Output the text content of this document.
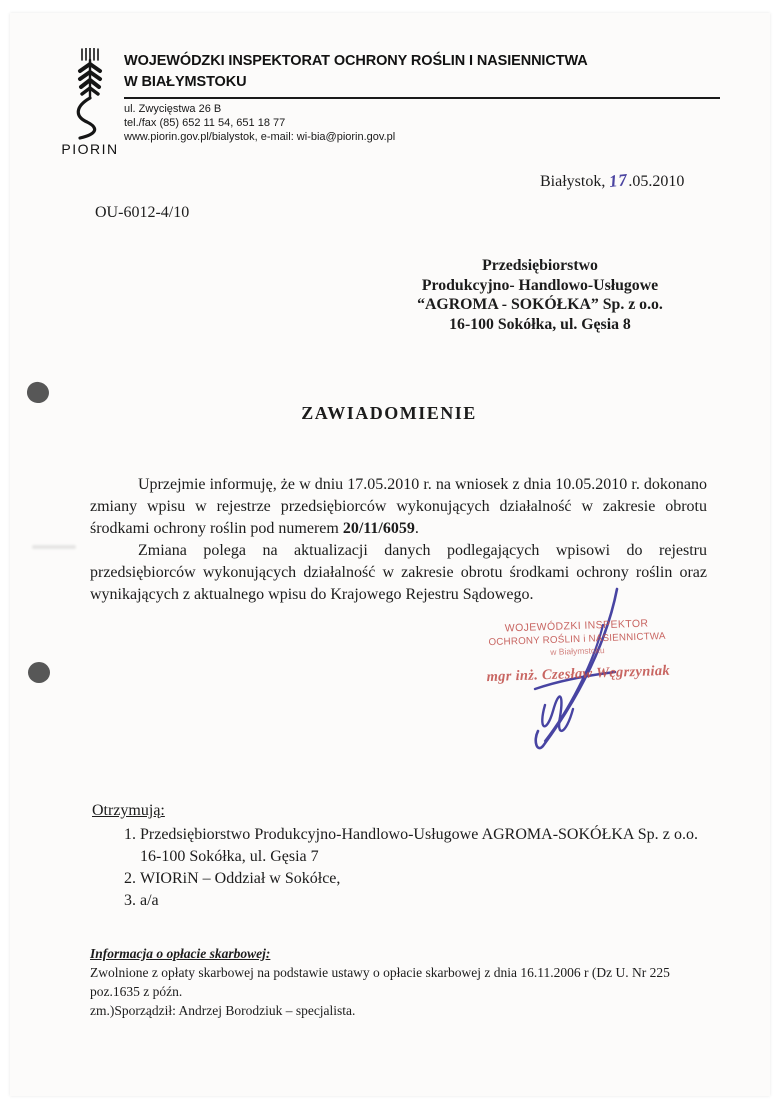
PIORIN
WOJEWÓDZKI INSPEKTORAT OCHRONY ROŚLIN I NASIENNICTWA
W BIAŁYMSTOKU
ul. Zwycięstwa 26 B
tel./fax (85) 652 11 54, 651 18 77
www.piorin.gov.pl/bialystok, e-mail: wi-bia@piorin.gov.pl
Białystok, 17.05.2010
OU-6012-4/10
Przedsiębiorstwo
Produkcyjno- Handlowo-Usługowe
“AGROMA - SOKÓŁKA” Sp. z o.o.
16-100 Sokółka, ul. Gęsia 8
ZAWIADOMIENIE

Uprzejmie informuję, że w dniu 17.05.2010 r. na wniosek z dnia 10.05.2010 r. dokonano zmiany wpisu w rejestrze przedsiębiorców wykonujących działalność w zakresie obrotu środkami ochrony roślin pod numerem 20/11/6059.

Zmiana polega na aktualizacji danych podlegających wpisowi do rejestru przedsiębiorców wykonujących działalność w zakresie obrotu środkami ochrony roślin oraz wynikających z aktualnego wpisu do Krajowego Rejestru Sądowego.

WOJEWÓDZKI INSPEKTOR
OCHRONY ROŚLIN i NASIENNICTWA
w Białymstoku
mgr inż. Czesław Węgrzyniak
Otrzymują:
1. Przedsiębiorstwo Produkcyjno-Handlowo-Usługowe AGROMA-SOKÓŁKA Sp. z o.o.
16-100 Sokółka, ul. Gęsia 7
2. WIORiN – Oddział w Sokółce,
3. a/a
Informacja o opłacie skarbowej:
Zwolnione z opłaty skarbowej na podstawie ustawy o opłacie skarbowej z dnia 16.11.2006 r (Dz U. Nr 225 poz.1635 z późn.
zm.)Sporządził: Andrzej Borodziuk – specjalista.
